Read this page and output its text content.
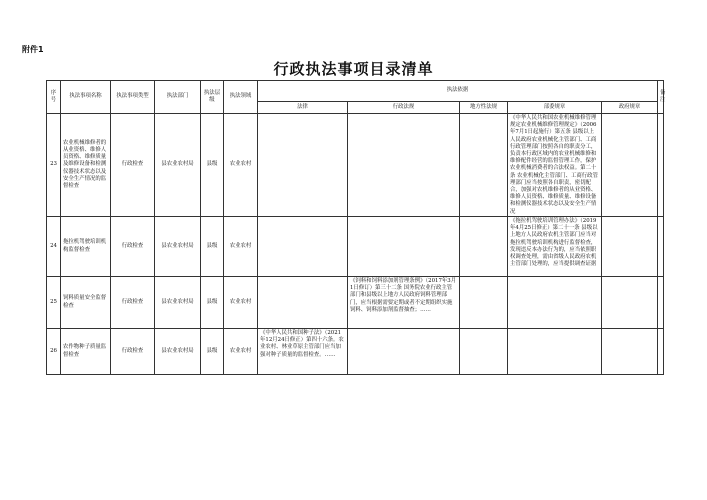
附件1
行政执法事项目录清单
序号	执法事项名称	执法事项类型	执法部门	执法层级	执法领域	执法依据					备注
						法律	行政法规	地方性法规	部委规章	政府规章	
23	农业机械维修者的从业资格、维修人员资格、维修质量及维修设备和检测仪器技术状态以及安全生产情况的监督检查	行政检查	县农业农村局	县级	农业农村				《中华人民共和国农业机械维修管理规定农业机械维修管理规定》（2006年7月1日起施行）第五条 县级以上人民政府农业机械化主管部门、工商行政管理部门按照各自的职责分工，负责本行政区域内的农业机械维修和维修配件经营的监督管理工作，保护农业机械消费者的合法权益。第二十条 农业机械化主管部门、工商行政管理部门应当按照各自职责，密切配合，加强对农机维修者的从业资格、维修人员资格、维修质量、维修设备和检测仪器技术状态以及安全生产情况		

24	拖拉机驾驶培训机构监督检查	行政检查	县农业农村局	县级	农业农村				《拖拉机驾驶培训管理办法》（2019年4月25日修正）第二十一条 县级以上地方人民政府农机主管部门应当对拖拉机驾驶培训机构进行监督检查，发现违反本办法行为的，应当依照职权调查处理，需由省级人民政府农机主管部门处理的，应当提供调查证据		

25	饲料质量安全监督检查	行政检查	县农业农村局	县级	农业农村		《饲料和饲料添加剂管理条例》（2017年3月1日修订）第三十二条 国务院农业行政主管部门和县级以上地方人民政府饲料管理部门，应当根据需要定期或者不定期组织实施饲料、饲料添加剂监督抽查；……				

26	农作物种子质量监督检查	行政检查	县农业农村局	县级	农业农村	《中华人民共和国种子法》（2021年12月24日修正）第四十六条。农业农村、林业草原主管部门应当加强对种子质量的监督检查。……					
